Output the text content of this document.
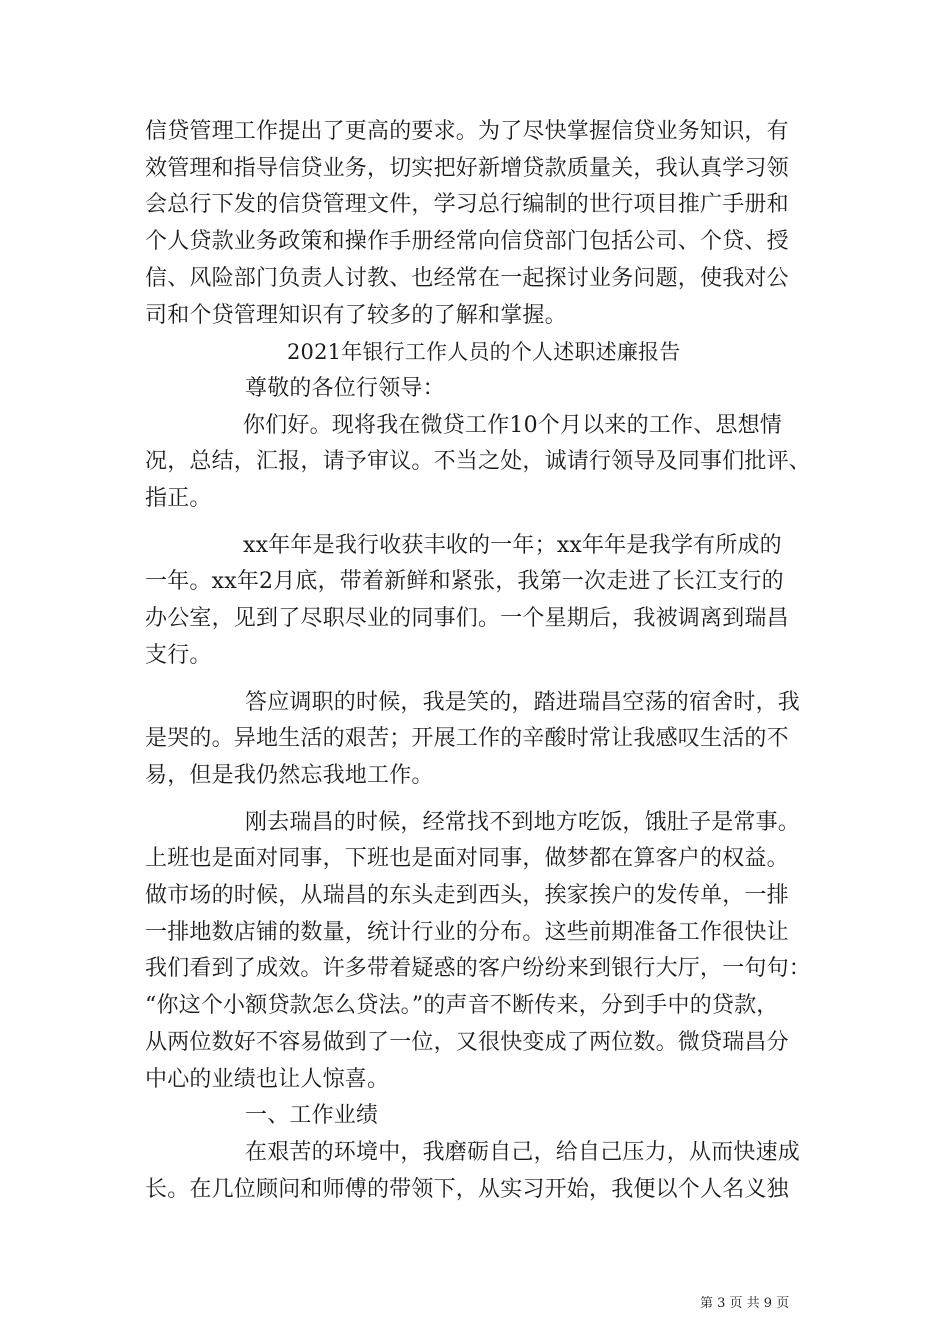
信贷管理工作提出了更高的要求。为了尽快掌握信贷业务知识，有

效管理和指导信贷业务，切实把好新增贷款质量关，我认真学习领

会总行下发的信贷管理文件，学习总行编制的世行项目推广手册和

个人贷款业务政策和操作手册经常向信贷部门包括公司、个贷、授

信、风险部门负责人讨教、也经常在一起探讨业务问题，使我对公

司和个贷管理知识有了较多的了解和掌握。

2021年银行工作人员的个人述职述廉报告

尊敬的各位行领导：

你们好。现将我在微贷工作10个月以来的工作、思想情

况，总结，汇报，请予审议。不当之处，诚请行领导及同事们批评、

指正。

xx年年是我行收获丰收的一年；xx年年是我学有所成的

一年。xx年2月底，带着新鲜和紧张，我第一次走进了长江支行的

办公室，见到了尽职尽业的同事们。一个星期后，我被调离到瑞昌

支行。

答应调职的时候，我是笑的，踏进瑞昌空荡的宿舍时，我

是哭的。异地生活的艰苦；开展工作的辛酸时常让我感叹生活的不

易，但是我仍然忘我地工作。

刚去瑞昌的时候，经常找不到地方吃饭，饿肚子是常事。

上班也是面对同事，下班也是面对同事，做梦都在算客户的权益。

做市场的时候，从瑞昌的东头走到西头，挨家挨户的发传单，一排

一排地数店铺的数量，统计行业的分布。这些前期准备工作很快让

我们看到了成效。许多带着疑惑的客户纷纷来到银行大厅，一句句：

“你这个小额贷款怎么贷法。”的声音不断传来，分到手中的贷款，

从两位数好不容易做到了一位，又很快变成了两位数。微贷瑞昌分

中心的业绩也让人惊喜。

一、工作业绩

在艰苦的环境中，我磨砺自己，给自己压力，从而快速成

长。在几位顾问和师傅的带领下，从实习开始，我便以个人名义独

第 3 页 共 9 页
